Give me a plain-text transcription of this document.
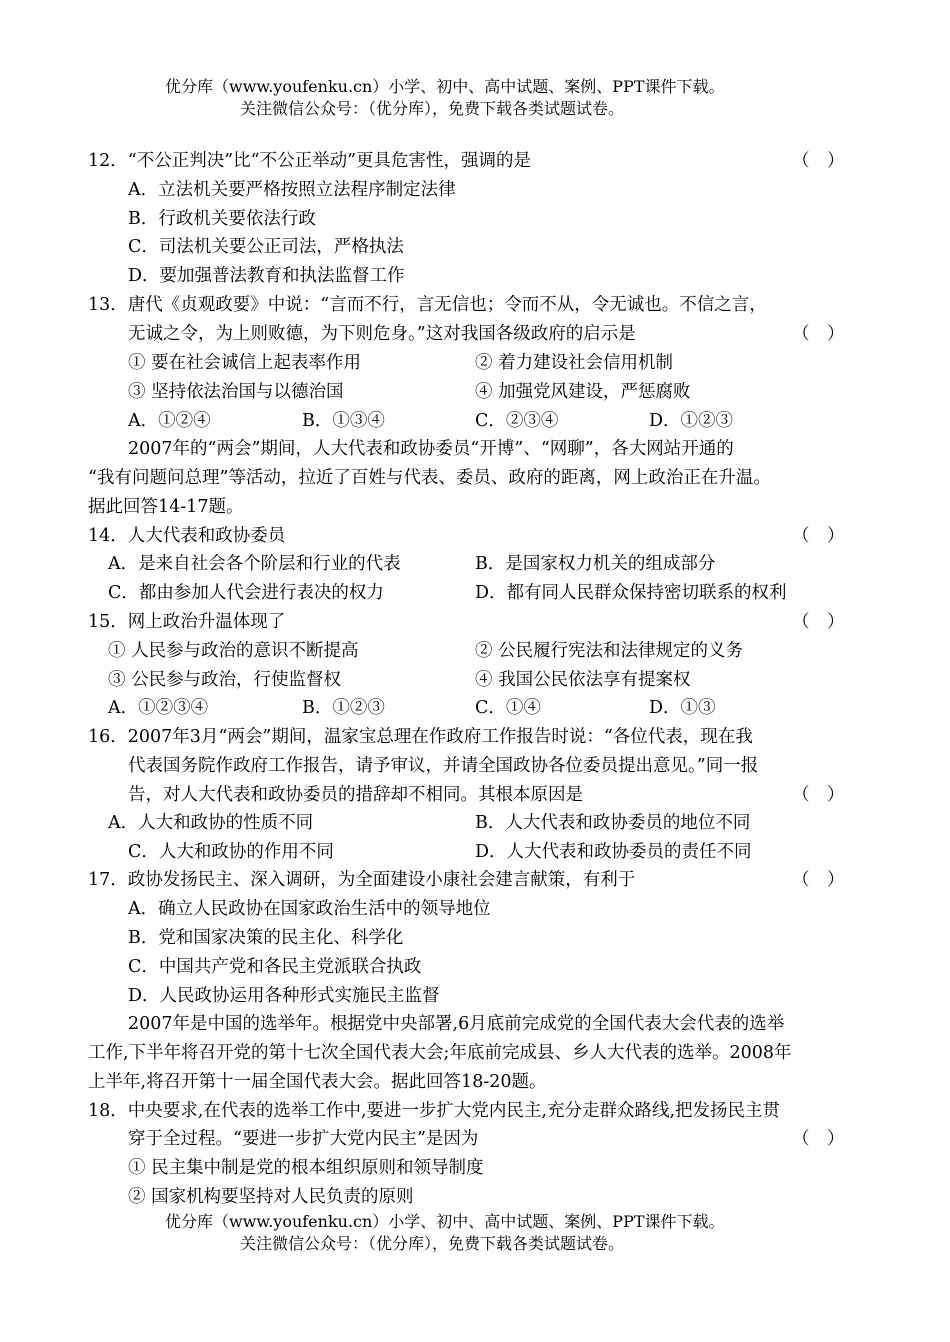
优分库（www.youfenku.cn）小学、初中、高中试题、案例、PPT课件下载。
关注微信公众号：（优分库），免费下载各类试题试卷。
12．“不公正判决”比“不公正举动”更具危害性，强调的是	（　）
A．立法机关要严格按照立法程序制定法律
B．行政机关要依法行政
C．司法机关要公正司法，严格执法
D．要加强普法教育和执法监督工作
13．唐代《贞观政要》中说：“言而不行，言无信也；令而不从，令无诚也。不信之言，
无诚之令，为上则败德，为下则危身。”这对我国各级政府的启示是	（　）
① 要在社会诚信上起表率作用	② 着力建设社会信用机制
③ 坚持依法治国与以德治国	④ 加强党风建设，严惩腐败
A．①②④	B．①③④	C．②③④	D．①②③
2007年的“两会”期间，人大代表和政协委员“开博”、“网聊”，各大网站开通的
“我有问题问总理”等活动，拉近了百姓与代表、委员、政府的距离，网上政治正在升温。
据此回答14-17题。
14．人大代表和政协委员	（　）
A．是来自社会各个阶层和行业的代表	B．是国家权力机关的组成部分
C．都由参加人代会进行表决的权力	D．都有同人民群众保持密切联系的权利
15．网上政治升温体现了	（　）
① 人民参与政治的意识不断提高	② 公民履行宪法和法律规定的义务
③ 公民参与政治，行使监督权	④ 我国公民依法享有提案权
A．①②③④	B．①②③	C．①④	D．①③
16．2007年3月“两会”期间，温家宝总理在作政府工作报告时说：“各位代表，现在我
代表国务院作政府工作报告，请予审议，并请全国政协各位委员提出意见。”同一报
告，对人大代表和政协委员的措辞却不相同。其根本原因是	（　）
A．人大和政协的性质不同	B．人大代表和政协委员的地位不同
C．人大和政协的作用不同	D．人大代表和政协委员的责任不同
17．政协发扬民主、深入调研，为全面建设小康社会建言献策，有利于	（　）
A．确立人民政协在国家政治生活中的领导地位
B．党和国家决策的民主化、科学化
C．中国共产党和各民主党派联合执政
D．人民政协运用各种形式实施民主监督
2007年是中国的选举年。根据党中央部署,6月底前完成党的全国代表大会代表的选举
工作,下半年将召开党的第十七次全国代表大会;年底前完成县、乡人大代表的选举。2008年
上半年,将召开第十一届全国代表大会。据此回答18-20题。
18．中央要求,在代表的选举工作中,要进一步扩大党内民主,充分走群众路线,把发扬民主贯
穿于全过程。“要进一步扩大党内民主”是因为	（　）
① 民主集中制是党的根本组织原则和领导制度
② 国家机构要坚持对人民负责的原则
优分库（www.youfenku.cn）小学、初中、高中试题、案例、PPT课件下载。
关注微信公众号：（优分库），免费下载各类试题试卷。
